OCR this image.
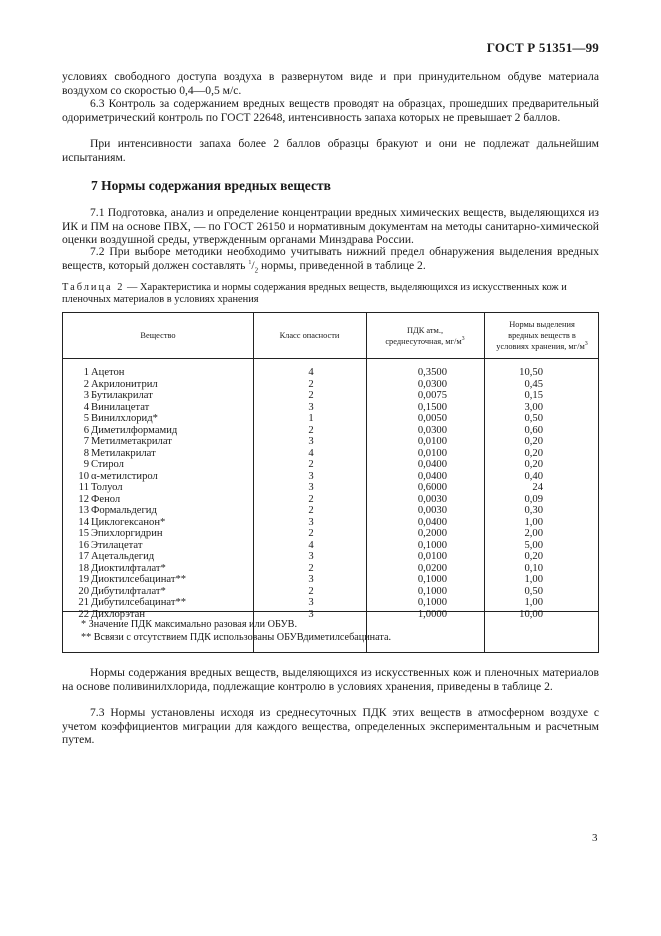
ГОСТ Р 51351—99
условиях свободного доступа воздуха в развернутом виде и при принудительном обдуве материала воздухом со скоростью 0,4—0,5 м/с.
6.3 Контроль за содержанием вредных веществ проводят на образцах, прошедших предварительный одориметрический контроль по ГОСТ 22648, интенсивность запаха которых не превышает 2 баллов.
При интенсивности запаха более 2 баллов образцы бракуют и они не подлежат дальнейшим испытаниям.
7 Нормы содержания вредных веществ
7.1 Подготовка, анализ и определение концентрации вредных химических веществ, выделяющихся из ИК и ПМ на основе ПВХ, — по ГОСТ 26150 и нормативным документам на методы санитарно-химической оценки воздушной среды, утвержденным органами Минздрава России.
7.2 При выборе методики необходимо учитывать нижний предел обнаружения выделения вредных веществ, который должен составлять $^1/_2$ нормы, приведенной в таблице 2.
Таблица 2 — Характеристика и нормы содержания вредных веществ, выделяющихся из искусственных кож и пленочных материалов в условиях хранения
Вещество	Класс опасности
ПДК атм.,
среднесуточная, $мг/м^3$
Нормы выделения
вредных веществ в
условиях хранения, $мг/м^3$
1 Ацетон	4	0,3500	10,50
2 Акрилонитрил	2	0,0300	0,45
3 Бутилакрилат	2	0,0075	0,15
4 Винилацетат	3	0,1500	3,00
5 Винилхлорид*	1	0,0050	0,50
6 Диметилформамид	2	0,0300	0,60
7 Метилметакрилат	3	0,0100	0,20
8 Метилакрилат	4	0,0100	0,20
9 Стирол	2	0,0400	0,20
10 α-метилстирол	3	0,0400	0,40
11 Толуол	3	0,6000	24
12 Фенол	2	0,0030	0,09
13 Формальдегид	2	0,0030	0,30
14 Циклогексанон*	3	0,0400	1,00
15 Эпихлоргидрин	2	0,2000	2,00
16 Этилацетат	4	0,1000	5,00
17 Ацетальдегид	3	0,0100	0,20
18 Диоктилфталат*	2	0,0200	0,10
19 Диоктилсебацинат**	3	0,1000	1,00
20 Дибутилфталат*	2	0,1000	0,50
21 Дибутилсебацинат**	3	0,1000	1,00
22 Дихлорэтан	3	1,0000	10,00
* Значение ПДК максимально разовая или ОБУВ.
** Всвязи с отсутствием ПДК использованы ОБУВдиметилсебацината.
Нормы содержания вредных веществ, выделяющихся из искусственных кож и пленочных материалов на основе поливинилхлорида, подлежащие контролю в условиях хранения, приведены в таблице 2.
7.3 Нормы установлены исходя из среднесуточных ПДК этих веществ в атмосферном воздухе с учетом коэффициентов миграции для каждого вещества, определенных экспериментальным и расчетным путем.
3
